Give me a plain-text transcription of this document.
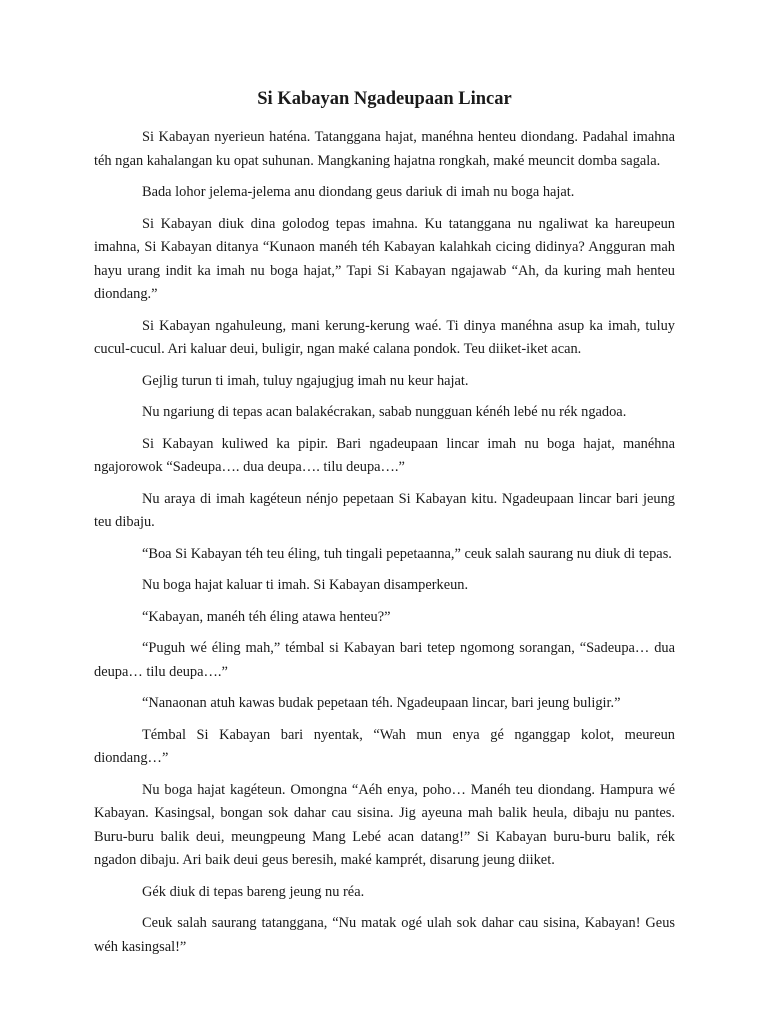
Si Kabayan Ngadeupaan Lincar

Si Kabayan nyerieun haténa. Tatanggana hajat, manéhna henteu diondang. Padahal imahna téh ngan kahalangan ku opat suhunan. Mangkaning hajatna rongkah, maké meuncit domba sagala.

Bada lohor jelema-jelema anu diondang geus dariuk di imah nu boga hajat.

Si Kabayan diuk dina golodog tepas imahna. Ku tatanggana nu ngaliwat ka hareupeun imahna, Si Kabayan ditanya “Kunaon manéh téh Kabayan kalahkah cicing didinya? Angguran mah hayu urang indit ka imah nu boga hajat,” Tapi Si Kabayan ngajawab “Ah, da kuring mah henteu diondang.”

Si Kabayan ngahuleung, mani kerung-kerung waé. Ti dinya manéhna asup ka imah, tuluy cucul-cucul. Ari kaluar deui, buligir, ngan maké calana pondok. Teu diiket-iket acan.

Gejlig turun ti imah, tuluy ngajugjug imah nu keur hajat.

Nu ngariung di tepas acan balakécrakan, sabab nungguan kénéh lebé nu rék ngadoa.

Si Kabayan kuliwed ka pipir. Bari ngadeupaan lincar imah nu boga hajat, manéhna ngajorowok “Sadeupa…. dua deupa…. tilu deupa….”

Nu araya di imah kagéteun nénjo pepetaan Si Kabayan kitu. Ngadeupaan lincar bari jeung teu dibaju.

“Boa Si Kabayan téh teu éling, tuh tingali pepetaanna,” ceuk salah saurang nu diuk di tepas.

Nu boga hajat kaluar ti imah. Si Kabayan disamperkeun.

“Kabayan, manéh téh éling atawa henteu?”

“Puguh wé éling mah,” témbal si Kabayan bari tetep ngomong sorangan, “Sadeupa… dua deupa… tilu deupa….”

“Nanaonan atuh kawas budak pepetaan téh. Ngadeupaan lincar, bari jeung buligir.”

Témbal Si Kabayan bari nyentak, “Wah mun enya gé nganggap kolot, meureun diondang…”

Nu boga hajat kagéteun. Omongna “Aéh enya, poho… Manéh teu diondang. Hampura wé Kabayan. Kasingsal, bongan sok dahar cau sisina. Jig ayeuna mah balik heula, dibaju nu pantes. Buru-buru balik deui, meungpeung Mang Lebé acan datang!” Si Kabayan buru-buru balik, rék ngadon dibaju. Ari baik deui geus beresih, maké kamprét, disarung jeung diiket.

Gék diuk di tepas bareng jeung nu réa.

Ceuk salah saurang tatanggana, “Nu matak ogé ulah sok dahar cau sisina, Kabayan! Geus wéh kasingsal!”
